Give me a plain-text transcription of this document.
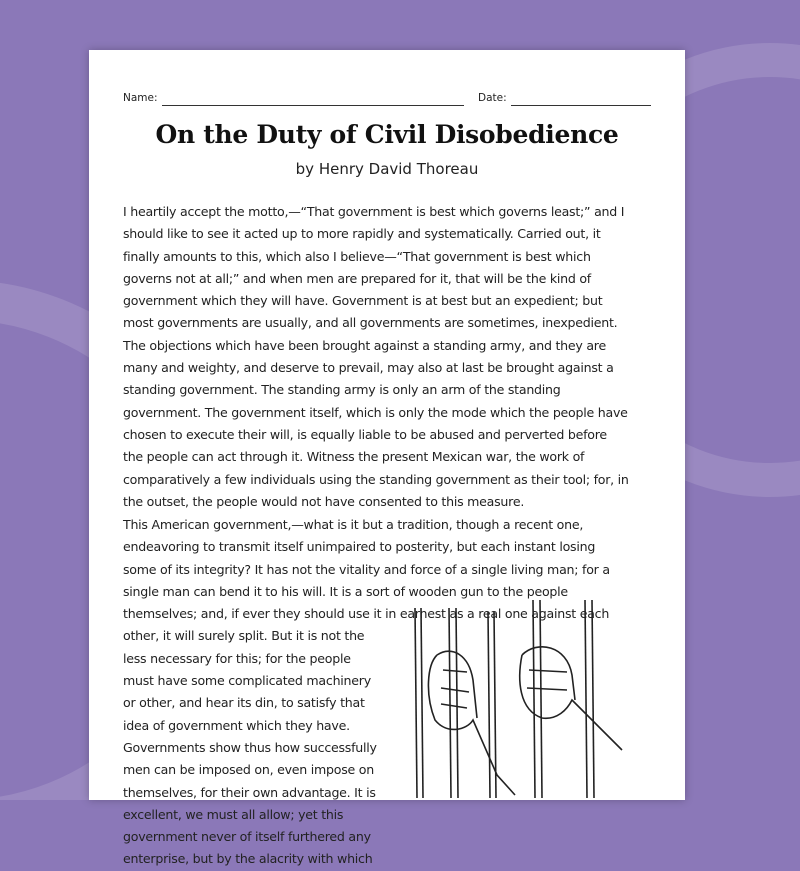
Name:	Date:
On the Duty of Civil Disobedience
by Henry David Thoreau
I heartily accept the motto,—“That government is best which governs least;” and I
should like to see it acted up to more rapidly and systematically. Carried out, it
finally amounts to this, which also I believe—“That government is best which
governs not at all;” and when men are prepared for it, that will be the kind of
government which they will have. Government is at best but an expedient; but
most governments are usually, and all governments are sometimes, inexpedient.
The objections which have been brought against a standing army, and they are
many and weighty, and deserve to prevail, may also at last be brought against a
standing government. The standing army is only an arm of the standing
government. The government itself, which is only the mode which the people have
chosen to execute their will, is equally liable to be abused and perverted before
the people can act through it. Witness the present Mexican war, the work of
comparatively a few individuals using the standing government as their tool; for, in
the outset, the people would not have consented to this measure.
This American government,—what is it but a tradition, though a recent one,
endeavoring to transmit itself unimpaired to posterity, but each instant losing
some of its integrity? It has not the vitality and force of a single living man; for a
single man can bend it to his will. It is a sort of wooden gun to the people
themselves; and, if ever they should use it in earnest as a real one against each
other, it will surely split. But it is not the
less necessary for this; for the people
must have some complicated machinery
or other, and hear its din, to satisfy that
idea of government which they have.
Governments show thus how successfully
men can be imposed on, even impose on
themselves, for their own advantage. It is
excellent, we must all allow; yet this
government never of itself furthered any
enterprise, but by the alacrity with which
